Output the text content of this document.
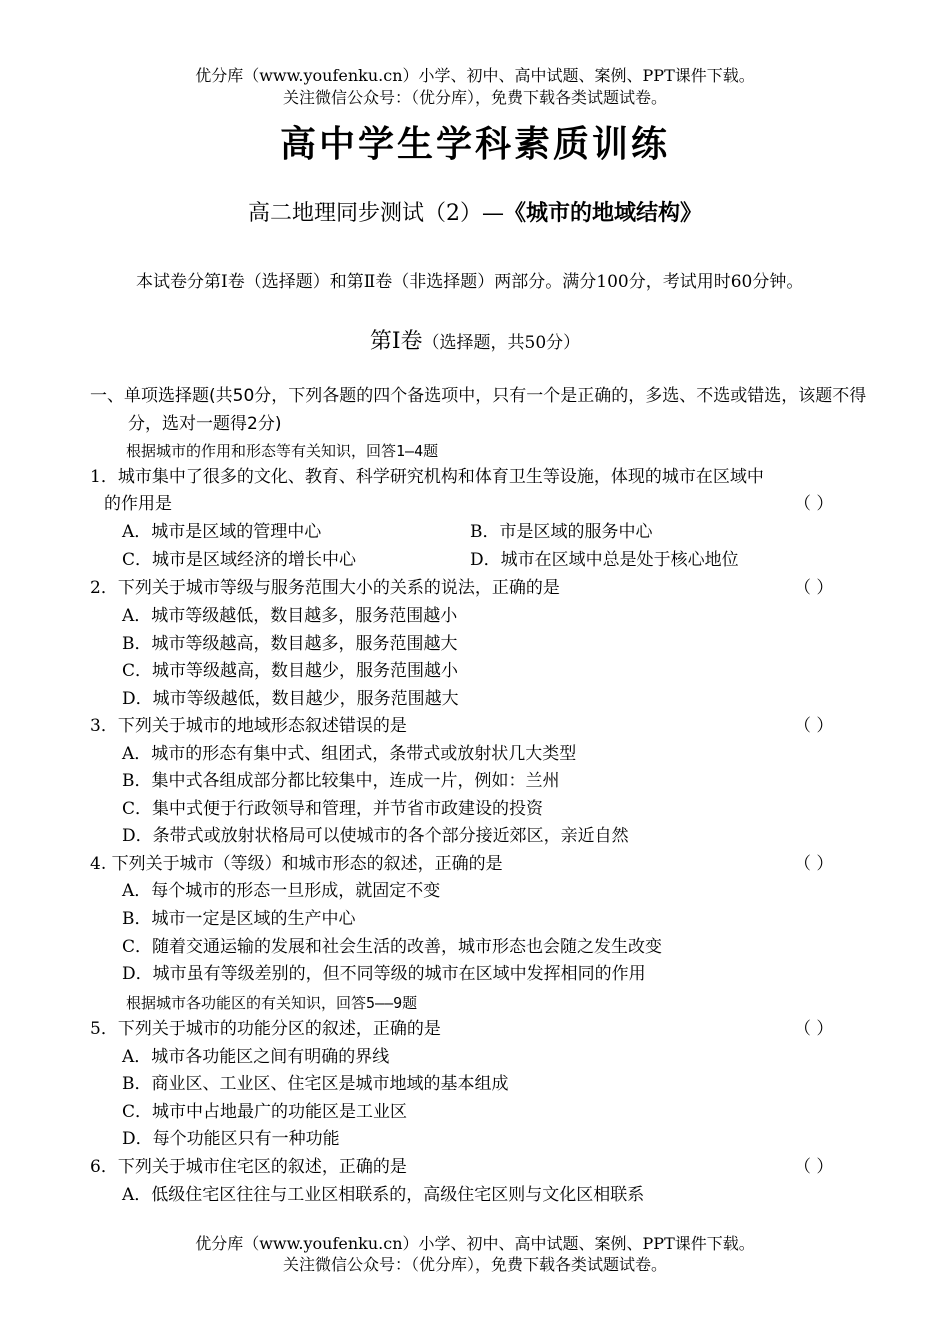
优分库（www.youfenku.cn）小学、初中、高中试题、案例、PPT课件下载。
关注微信公众号：（优分库），免费下载各类试题试卷。
高中学生学科素质训练
高二地理同步测试（2）—《城市的地域结构》
本试卷分第Ⅰ卷（选择题）和第Ⅱ卷（非选择题）两部分。满分100分，考试用时60分钟。
第Ⅰ卷（选择题，共50分）
一、单项选择题(共50分，下列各题的四个备选项中，只有一个是正确的，多选、不选或错选，该题不得分，选对一题得2分)
根据城市的作用和形态等有关知识，回答1—4题
1．城市集中了很多的文化、教育、科学研究机构和体育卫生等设施，体现的城市在区域中
的作用是	（ ）
A．城市是区域的管理中心	B．市是区域的服务中心
C．城市是区域经济的增长中心	D．城市在区域中总是处于核心地位
2．下列关于城市等级与服务范围大小的关系的说法，正确的是	（ ）
A．城市等级越低，数目越多，服务范围越小
B．城市等级越高，数目越多，服务范围越大
C．城市等级越高，数目越少，服务范围越小
D．城市等级越低，数目越少，服务范围越大
3．下列关于城市的地域形态叙述错误的是	（ ）
A．城市的形态有集中式、组团式，条带式或放射状几大类型
B．集中式各组成部分都比较集中，连成一片，例如：兰州
C．集中式便于行政领导和管理，并节省市政建设的投资
D．条带式或放射状格局可以使城市的各个部分接近郊区，亲近自然
4. 下列关于城市（等级）和城市形态的叙述，正确的是	（ ）
A．每个城市的形态一旦形成，就固定不变
B．城市一定是区域的生产中心
C．随着交通运输的发展和社会生活的改善，城市形态也会随之发生改变
D．城市虽有等级差别的，但不同等级的城市在区域中发挥相同的作用
根据城市各功能区的有关知识，回答5——9题
5．下列关于城市的功能分区的叙述，正确的是	（ ）
A．城市各功能区之间有明确的界线
B．商业区、工业区、住宅区是城市地域的基本组成
C．城市中占地最广的功能区是工业区
D．每个功能区只有一种功能
6．下列关于城市住宅区的叙述，正确的是	（ ）
A．低级住宅区往往与工业区相联系的，高级住宅区则与文化区相联系
优分库（www.youfenku.cn）小学、初中、高中试题、案例、PPT课件下载。
关注微信公众号：（优分库），免费下载各类试题试卷。
